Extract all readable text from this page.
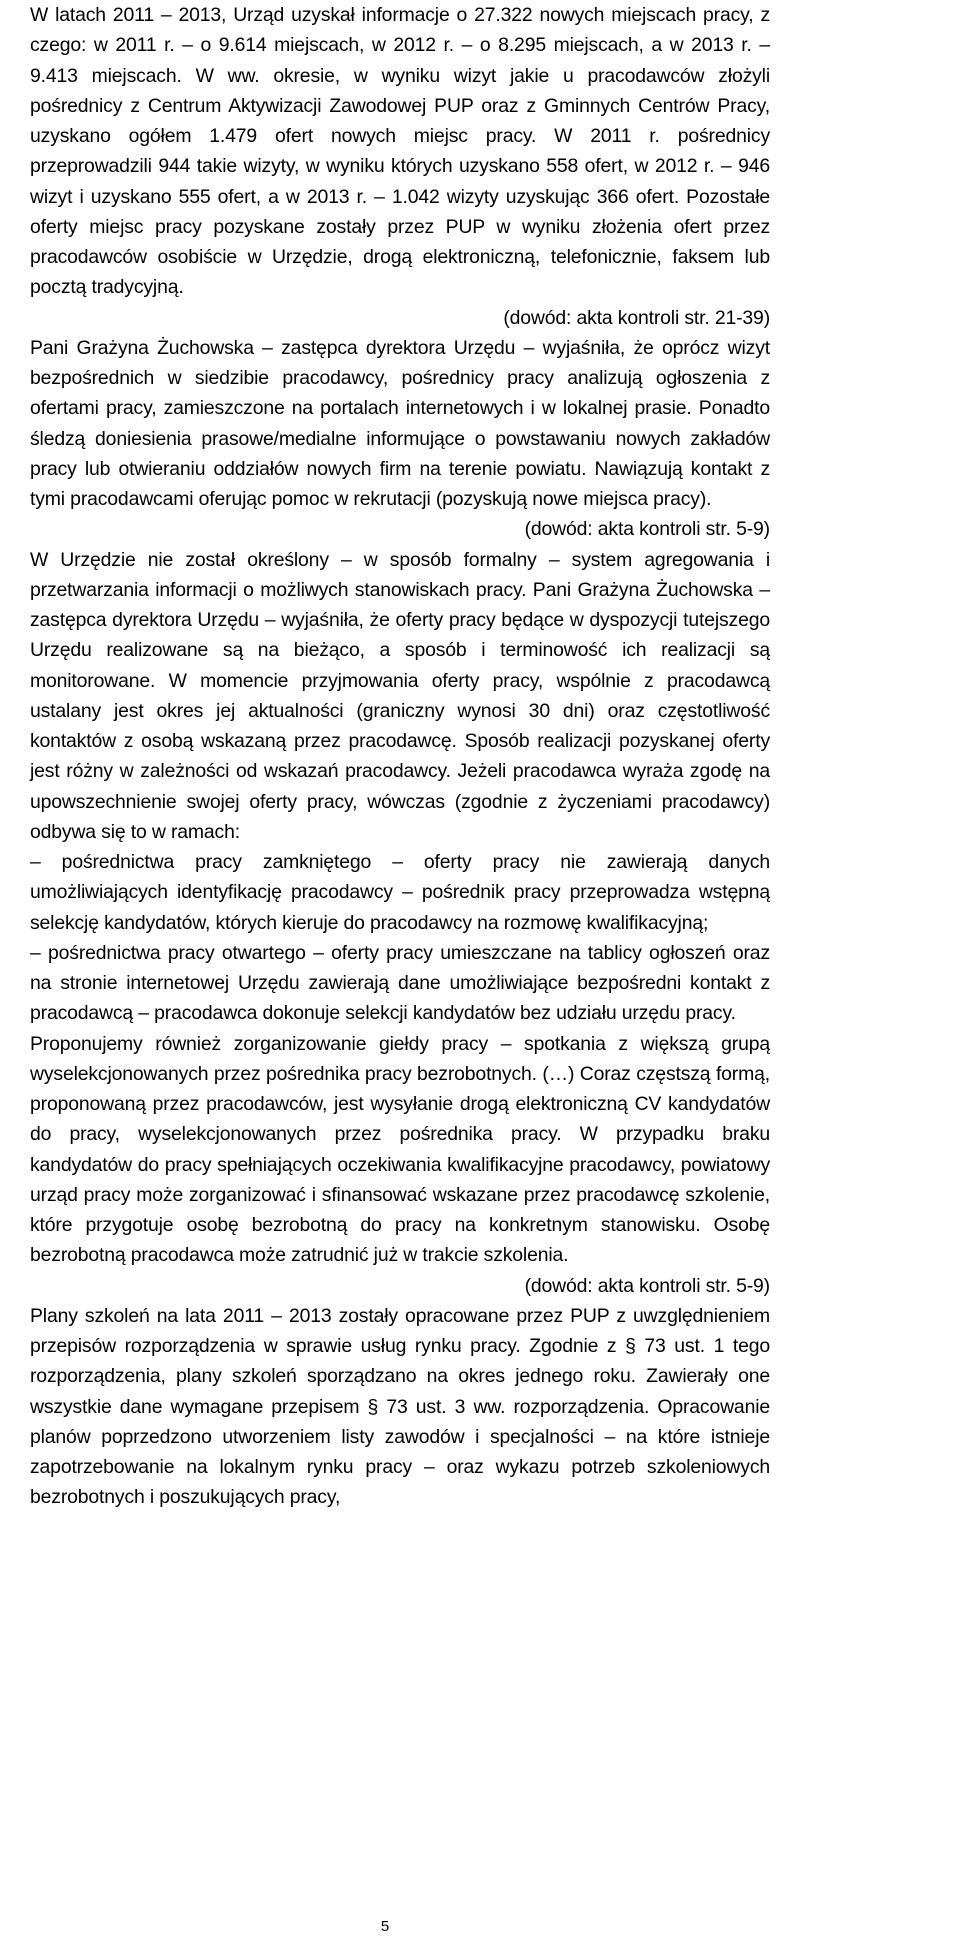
W latach 2011 – 2013, Urząd uzyskał informacje o 27.322 nowych miejscach pracy, z czego: w 2011 r. – o 9.614 miejscach, w 2012 r. – o 8.295 miejscach, a w 2013 r. – 9.413 miejscach. W ww. okresie, w wyniku wizyt jakie u pracodawców złożyli pośrednicy z Centrum Aktywizacji Zawodowej PUP oraz z Gminnych Centrów Pracy, uzyskano ogółem 1.479 ofert nowych miejsc pracy. W 2011 r. pośrednicy przeprowadzili 944 takie wizyty, w wyniku których uzyskano 558 ofert, w 2012 r. – 946 wizyt i uzyskano 555 ofert, a w 2013 r. – 1.042 wizyty uzyskując 366 ofert. Pozostałe oferty miejsc pracy pozyskane zostały przez PUP w wyniku złożenia ofert przez pracodawców osobiście w Urzędzie, drogą elektroniczną, telefonicznie, faksem lub pocztą tradycyjną.

(dowód: akta kontroli str. 21-39)

Pani Grażyna Żuchowska – zastępca dyrektora Urzędu – wyjaśniła, że oprócz wizyt bezpośrednich w siedzibie pracodawcy, pośrednicy pracy analizują ogłoszenia z ofertami pracy, zamieszczone na portalach internetowych i w lokalnej prasie. Ponadto śledzą doniesienia prasowe/medialne informujące o powstawaniu nowych zakładów pracy lub otwieraniu oddziałów nowych firm na terenie powiatu. Nawiązują kontakt z tymi pracodawcami oferując pomoc w rekrutacji (pozyskują nowe miejsca pracy).

(dowód: akta kontroli str. 5-9)

W Urzędzie nie został określony – w sposób formalny – system agregowania i przetwarzania informacji o możliwych stanowiskach pracy. Pani Grażyna Żuchowska – zastępca dyrektora Urzędu – wyjaśniła, że oferty pracy będące w dyspozycji tutejszego Urzędu realizowane są na bieżąco, a sposób i terminowość ich realizacji są monitorowane. W momencie przyjmowania oferty pracy, wspólnie z pracodawcą ustalany jest okres jej aktualności (graniczny wynosi 30 dni) oraz częstotliwość kontaktów z osobą wskazaną przez pracodawcę. Sposób realizacji pozyskanej oferty jest różny w zależności od wskazań pracodawcy. Jeżeli pracodawca wyraża zgodę na upowszechnienie swojej oferty pracy, wówczas (zgodnie z życzeniami pracodawcy) odbywa się to w ramach:

– pośrednictwa pracy zamkniętego – oferty pracy nie zawierają danych umożliwiających identyfikację pracodawcy – pośrednik pracy przeprowadza wstępną selekcję kandydatów, których kieruje do pracodawcy na rozmowę kwalifikacyjną;

– pośrednictwa pracy otwartego – oferty pracy umieszczane na tablicy ogłoszeń oraz na stronie internetowej Urzędu zawierają dane umożliwiające bezpośredni kontakt z pracodawcą – pracodawca dokonuje selekcji kandydatów bez udziału urzędu pracy.

Proponujemy również zorganizowanie giełdy pracy – spotkania z większą grupą wyselekcjonowanych przez pośrednika pracy bezrobotnych. (…) Coraz częstszą formą, proponowaną przez pracodawców, jest wysyłanie drogą elektroniczną CV kandydatów do pracy, wyselekcjonowanych przez pośrednika pracy. W przypadku braku kandydatów do pracy spełniających oczekiwania kwalifikacyjne pracodawcy, powiatowy urząd pracy może zorganizować i sfinansować wskazane przez pracodawcę szkolenie, które przygotuje osobę bezrobotną do pracy na konkretnym stanowisku. Osobę bezrobotną pracodawca może zatrudnić już w trakcie szkolenia.

(dowód: akta kontroli str. 5-9)

Plany szkoleń na lata 2011 – 2013 zostały opracowane przez PUP z uwzględnieniem przepisów rozporządzenia w sprawie usług rynku pracy. Zgodnie z § 73 ust. 1 tego rozporządzenia, plany szkoleń sporządzano na okres jednego roku. Zawierały one wszystkie dane wymagane przepisem § 73 ust. 3 ww. rozporządzenia. Opracowanie planów poprzedzono utworzeniem listy zawodów i specjalności – na które istnieje zapotrzebowanie na lokalnym rynku pracy – oraz wykazu potrzeb szkoleniowych bezrobotnych i poszukujących pracy,

5
